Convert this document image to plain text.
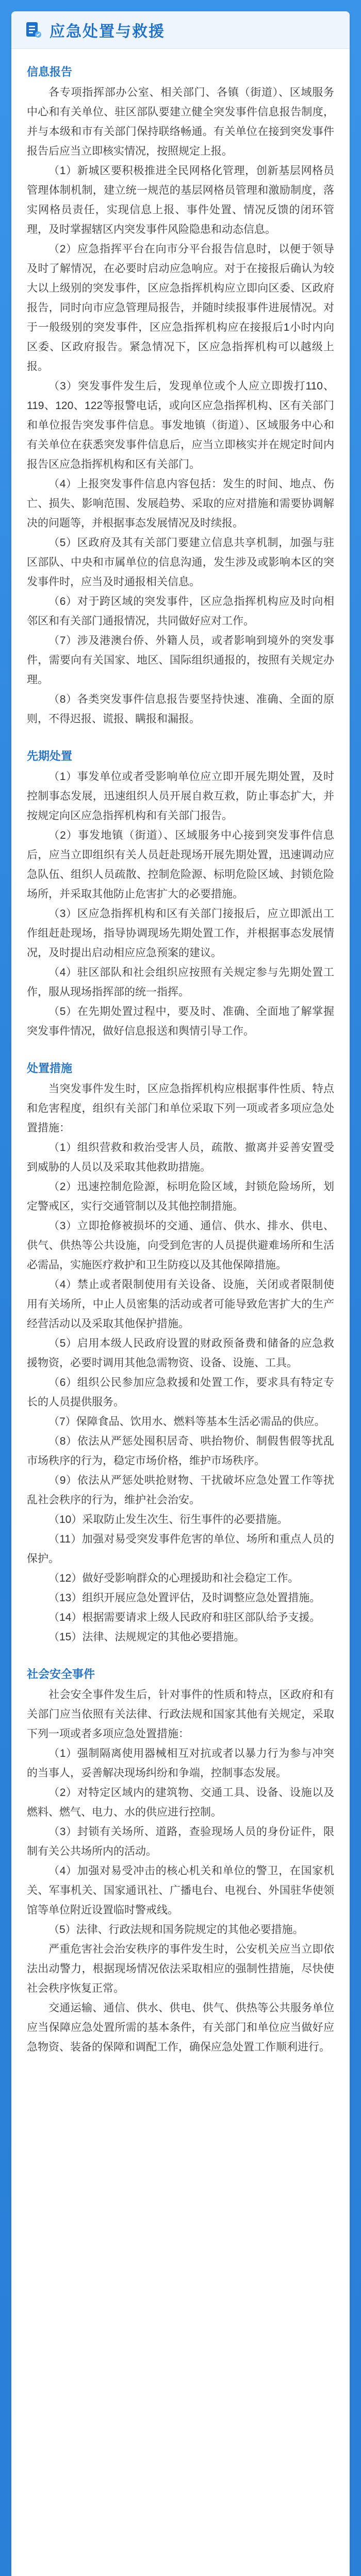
应急处置与救援
信息报告

各专项指挥部办公室、相关部门、各镇（街道）、区域服务中心和有关单位、驻区部队要建立健全突发事件信息报告制度，并与本级和市有关部门保持联络畅通。有关单位在接到突发事件报告后应当立即核实情况，按照规定上报。

（1）新城区要积极推进全民网格化管理，创新基层网格员管理体制机制，建立统一规范的基层网格员管理和激励制度，落实网格员责任，实现信息上报、事件处置、情况反馈的闭环管理，及时掌握辖区内突发事件风险隐患和动态信息。

（2）应急指挥平台在向市分平台报告信息时，以便于领导及时了解情况，在必要时启动应急响应。对于在接报后确认为较大以上级别的突发事件，区应急指挥机构应立即向区委、区政府报告，同时向市应急管理局报告，并随时续报事件进展情况。对于一般级别的突发事件，区应急指挥机构应在接报后1小时内向区委、区政府报告。紧急情况下，区应急指挥机构可以越级上报。

（3）突发事件发生后，发现单位或个人应立即拨打110、119、120、122等报警电话，或向区应急指挥机构、区有关部门和单位报告突发事件信息。事发地镇（街道）、区域服务中心和有关单位在获悉突发事件信息后，应当立即核实并在规定时间内报告区应急指挥机构和区有关部门。

（4）上报突发事件信息内容包括：发生的时间、地点、伤亡、损失、影响范围、发展趋势、采取的应对措施和需要协调解决的问题等，并根据事态发展情况及时续报。

（5）区政府及其有关部门要建立信息共享机制，加强与驻区部队、中央和市属单位的信息沟通，发生涉及或影响本区的突发事件时，应当及时通报相关信息。

（6）对于跨区域的突发事件，区应急指挥机构应及时向相邻区和有关部门通报情况，共同做好应对工作。

（7）涉及港澳台侨、外籍人员，或者影响到境外的突发事件，需要向有关国家、地区、国际组织通报的，按照有关规定办理。

（8）各类突发事件信息报告要坚持快速、准确、全面的原则，不得迟报、谎报、瞒报和漏报。

先期处置

（1）事发单位或者受影响单位应立即开展先期处置，及时控制事态发展，迅速组织人员开展自救互救，防止事态扩大，并按规定向区应急指挥机构和有关部门报告。

（2）事发地镇（街道）、区域服务中心接到突发事件信息后，应当立即组织有关人员赶赴现场开展先期处置，迅速调动应急队伍、组织人员疏散、控制危险源、标明危险区域、封锁危险场所，并采取其他防止危害扩大的必要措施。

（3）区应急指挥机构和区有关部门接报后，应立即派出工作组赶赴现场，指导协调现场先期处置工作，并根据事态发展情况，及时提出启动相应应急预案的建议。

（4）驻区部队和社会组织应按照有关规定参与先期处置工作，服从现场指挥部的统一指挥。

（5）在先期处置过程中，要及时、准确、全面地了解掌握突发事件情况，做好信息报送和舆情引导工作。

处置措施

当突发事件发生时，区应急指挥机构应根据事件性质、特点和危害程度，组织有关部门和单位采取下列一项或者多项应急处置措施：

（1）组织营救和救治受害人员，疏散、撤离并妥善安置受到威胁的人员以及采取其他救助措施。

（2）迅速控制危险源，标明危险区域，封锁危险场所，划定警戒区，实行交通管制以及其他控制措施。

（3）立即抢修被损坏的交通、通信、供水、排水、供电、供气、供热等公共设施，向受到危害的人员提供避难场所和生活必需品，实施医疗救护和卫生防疫以及其他保障措施。

（4）禁止或者限制使用有关设备、设施，关闭或者限制使用有关场所，中止人员密集的活动或者可能导致危害扩大的生产经营活动以及采取其他保护措施。

（5）启用本级人民政府设置的财政预备费和储备的应急救援物资，必要时调用其他急需物资、设备、设施、工具。

（6）组织公民参加应急救援和处置工作，要求具有特定专长的人员提供服务。

（7）保障食品、饮用水、燃料等基本生活必需品的供应。

（8）依法从严惩处囤积居奇、哄抬物价、制假售假等扰乱市场秩序的行为，稳定市场价格，维护市场秩序。

（9）依法从严惩处哄抢财物、干扰破坏应急处置工作等扰乱社会秩序的行为，维护社会治安。

（10）采取防止发生次生、衍生事件的必要措施。

（11）加强对易受突发事件危害的单位、场所和重点人员的保护。

（12）做好受影响群众的心理援助和社会稳定工作。

（13）组织开展应急处置评估，及时调整应急处置措施。

（14）根据需要请求上级人民政府和驻区部队给予支援。

（15）法律、法规规定的其他必要措施。

社会安全事件

社会安全事件发生后，针对事件的性质和特点，区政府和有关部门应当依照有关法律、行政法规和国家其他有关规定，采取下列一项或者多项应急处置措施：

（1）强制隔离使用器械相互对抗或者以暴力行为参与冲突的当事人，妥善解决现场纠纷和争端，控制事态发展。

（2）对特定区域内的建筑物、交通工具、设备、设施以及燃料、燃气、电力、水的供应进行控制。

（3）封锁有关场所、道路，查验现场人员的身份证件，限制有关公共场所内的活动。

（4）加强对易受冲击的核心机关和单位的警卫，在国家机关、军事机关、国家通讯社、广播电台、电视台、外国驻华使领馆等单位附近设置临时警戒线。

（5）法律、行政法规和国务院规定的其他必要措施。

严重危害社会治安秩序的事件发生时，公安机关应当立即依法出动警力，根据现场情况依法采取相应的强制性措施，尽快使社会秩序恢复正常。

交通运输、通信、供水、供电、供气、供热等公共服务单位应当保障应急处置所需的基本条件，有关部门和单位应当做好应急物资、装备的保障和调配工作，确保应急处置工作顺利进行。
